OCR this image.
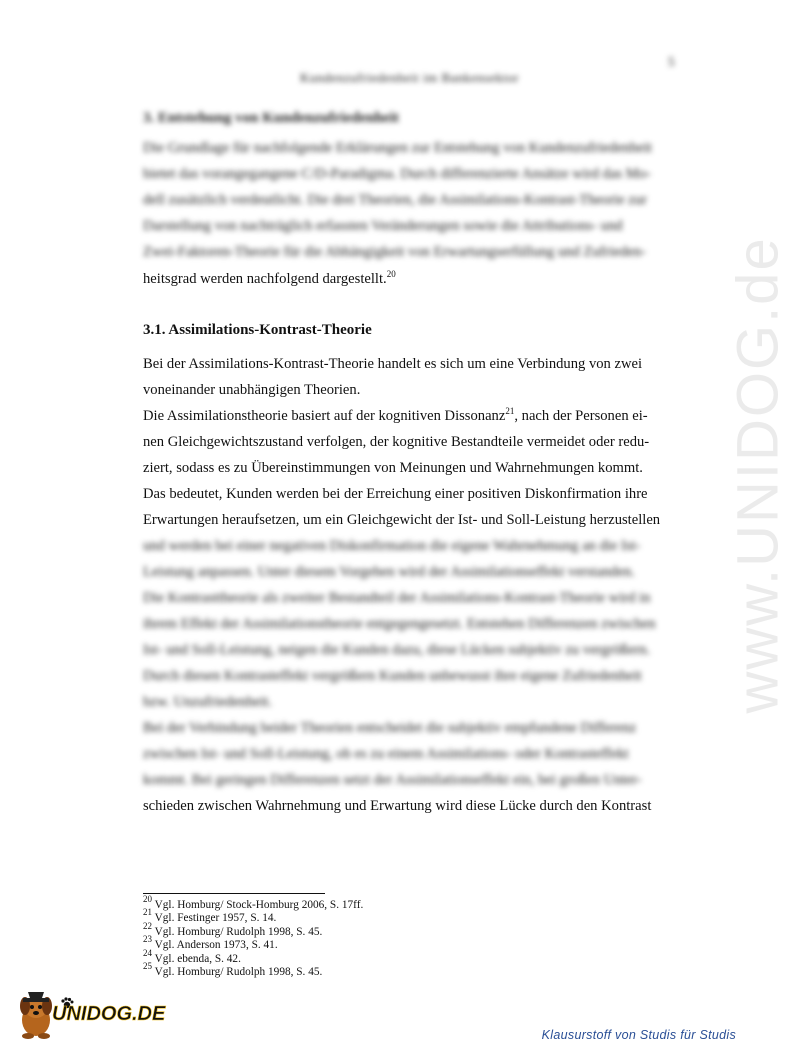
5
Kundenzufriedenheit im Bankensektor
www.UNIDOG.de
3. Entstehung von Kundenzufriedenheit
Die Grundlage für nachfolgende Erklärungen zur Entstehung von Kundenzufriedenheit
bietet das vorangegangene C/D-Paradigma. Durch differenzierte Ansätze wird das Mo-
dell zusätzlich verdeutlicht. Die drei Theorien, die Assimilations-Kontrast-Theorie zur
Darstellung von nachträglich erfassten Veränderungen sowie die Attributions- und
Zwei-Faktoren-Theorie für die Abhängigkeit von Erwartungserfüllung und Zufrieden-
heitsgrad werden nachfolgend dargestellt.$^{20}$
3.1. Assimilations-Kontrast-Theorie
Bei der Assimilations-Kontrast-Theorie handelt es sich um eine Verbindung von zwei
voneinander unabhängigen Theorien.
Die Assimilationstheorie basiert auf der kognitiven Dissonanz$^{21}$, nach der Personen ei-
nen Gleichgewichtszustand verfolgen, der kognitive Bestandteile vermeidet oder redu-
ziert, sodass es zu Übereinstimmungen von Meinungen und Wahrnehmungen kommt.
Das bedeutet, Kunden werden bei der Erreichung einer positiven Diskonfirmation ihre
Erwartungen heraufsetzen, um ein Gleichgewicht der Ist- und Soll-Leistung herzustellen
und werden bei einer negativen Diskonfirmation die eigene Wahrnehmung an die Ist-
Leistung anpassen. Unter diesem Vorgehen wird der Assimilationseffekt verstanden.
Die Kontrasttheorie als zweiter Bestandteil der Assimilations-Kontrast-Theorie wird in
ihrem Effekt der Assimilationstheorie entgegengesetzt. Entstehen Differenzen zwischen
Ist- und Soll-Leistung, neigen die Kunden dazu, diese Lücken subjektiv zu vergrößern.
Durch diesen Kontrasteffekt vergrößern Kunden unbewusst ihre eigene Zufriedenheit
bzw. Unzufriedenheit.
Bei der Verbindung beider Theorien entscheidet die subjektiv empfundene Differenz
zwischen Ist- und Soll-Leistung, ob es zu einem Assimilations- oder Kontrasteffekt
kommt. Bei geringen Differenzen setzt der Assimilationseffekt ein, bei großen Unter-
schieden zwischen Wahrnehmung und Erwartung wird diese Lücke durch den Kontrast
$^{20}$ Vgl. Homburg/ Stock-Homburg 2006, S. 17ff.
$^{21}$ Vgl. Festinger 1957, S. 14.
$^{22}$ Vgl. Homburg/ Rudolph 1998, S. 45.
$^{23}$ Vgl. Anderson 1973, S. 41.
$^{24}$ Vgl. ebenda, S. 42.
$^{25}$ Vgl. Homburg/ Rudolph 1998, S. 45.
UNIDOG.DE
Klausurstoff von Studis für Studis
